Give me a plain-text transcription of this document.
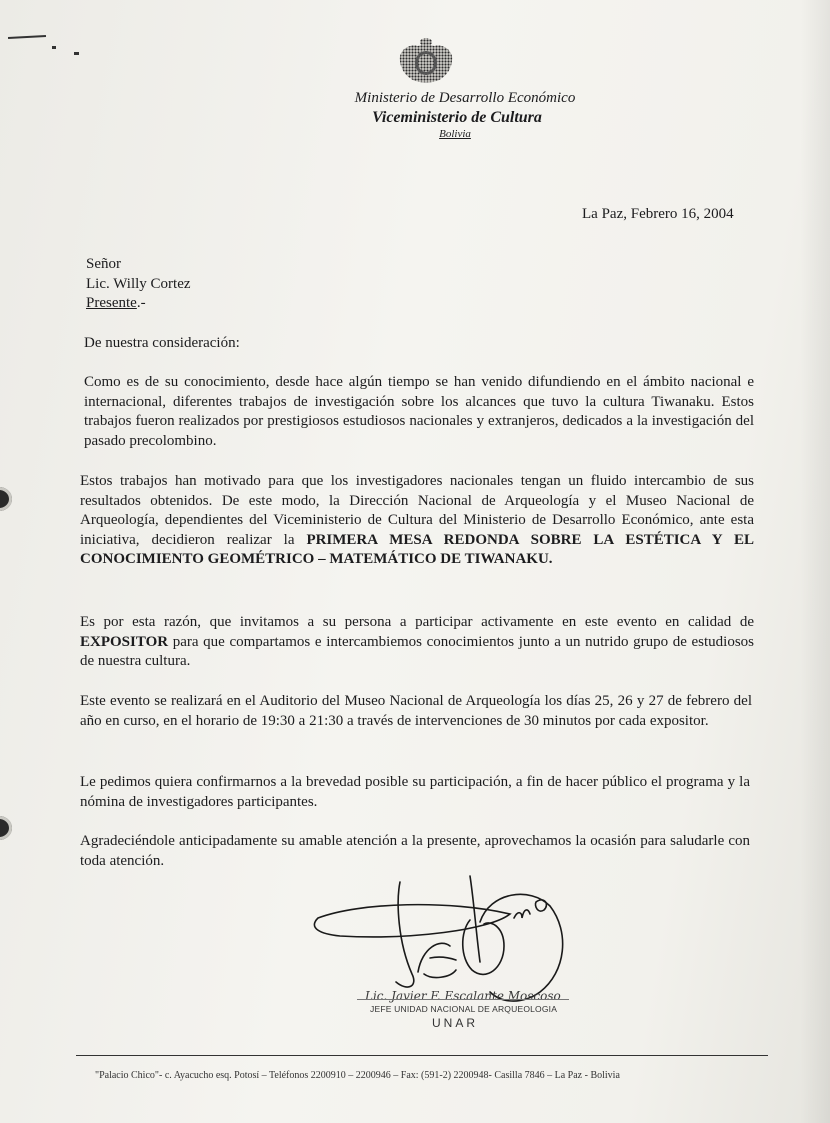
Ministerio de Desarrollo Económico
Viceministerio de Cultura
Bolivia
La Paz, Febrero 16, 2004
Señor
Lic. Willy Cortez
Presente.-
De nuestra consideración:
Como es de su conocimiento, desde hace algún tiempo se han venido difundiendo en el ámbito nacional e internacional, diferentes trabajos de investigación sobre los alcances que tuvo la cultura Tiwanaku. Estos trabajos fueron realizados por prestigiosos estudiosos nacionales y extranjeros, dedicados a la investigación del pasado precolombino.
Estos trabajos han motivado para que los investigadores nacionales tengan un fluido intercambio de sus resultados obtenidos. De este modo, la Dirección Nacional de Arqueología y el Museo Nacional de Arqueología, dependientes del Viceministerio de Cultura del Ministerio de Desarrollo Económico, ante esta iniciativa, decidieron realizar la PRIMERA MESA REDONDA SOBRE LA ESTÉTICA Y EL CONOCIMIENTO GEOMÉTRICO – MATEMÁTICO DE TIWANAKU.
Es por esta razón, que invitamos a su persona a participar activamente en este evento en calidad de EXPOSITOR para que compartamos e intercambiemos conocimientos junto a un nutrido grupo de estudiosos de nuestra cultura.
Este evento se realizará en el Auditorio del Museo Nacional de Arqueología los días 25, 26 y 27 de febrero del año en curso, en el horario de 19:30 a 21:30 a través de intervenciones de 30 minutos por cada expositor.
Le pedimos quiera confirmarnos a la brevedad posible su participación, a fin de hacer público el programa y la nómina de investigadores participantes.
Agradeciéndole anticipadamente su amable atención a la presente, aprovechamos la ocasión para saludarle con toda atención.
Lic. Javier F. Escalante Moscoso
JEFE UNIDAD NACIONAL DE ARQUEOLOGIA
UNAR
"Palacio Chico"- c. Ayacucho esq. Potosí – Teléfonos 2200910 – 2200946 – Fax: (591-2) 2200948- Casilla 7846 – La Paz - Bolivia
